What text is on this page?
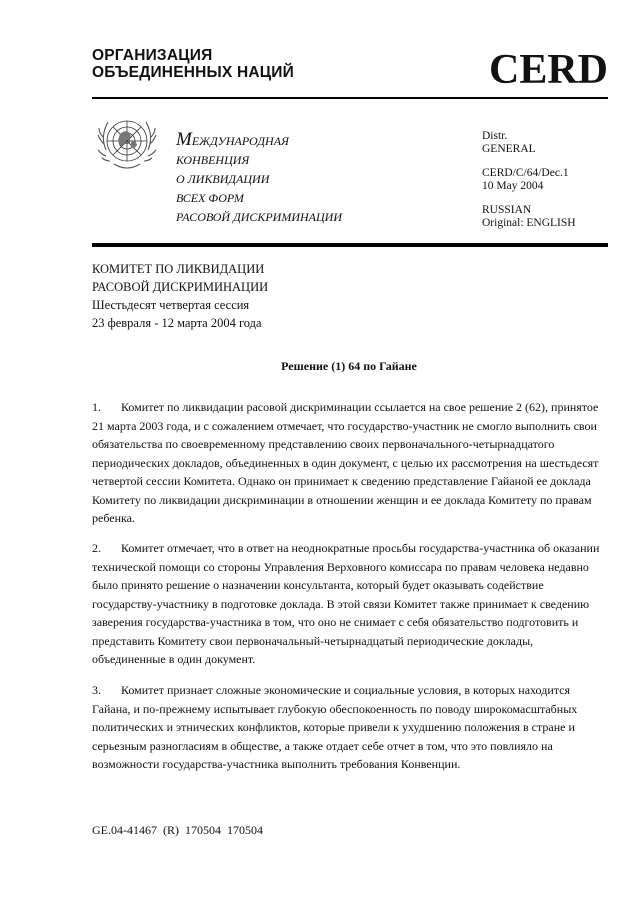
ОРГАНИЗАЦИЯ
ОБЪЕДИНЕННЫХ НАЦИЙ	CERD
МЕЖДУНАРОДНАЯ
КОНВЕНЦИЯ
О ЛИКВИДАЦИИ
ВСЕХ ФОРМ
РАСОВОЙ ДИСКРИМИНАЦИИ
Distr.
GENERAL
CERD/C/64/Dec.1
10 May 2004
RUSSIAN
Original: ENGLISH
КОМИТЕТ ПО ЛИКВИДАЦИИ
РАСОВОЙ ДИСКРИМИНАЦИИ
Шестьдесят четвертая сессия
23 февраля - 12 марта 2004 года
Решение (1) 64 по Гайане
1. Комитет по ликвидации расовой дискриминации ссылается на свое решение 2 (62), принятое 21 марта 2003 года, и с сожалением отмечает, что государство-участник не смогло выполнить свои обязательства по своевременному представлению своих первоначального-четырнадцатого периодических докладов, объединенных в один документ, с целью их рассмотрения на шестьдесят четвертой сессии Комитета. Однако он принимает к сведению представление Гайаной ее доклада Комитету по ликвидации дискриминации в отношении женщин и ее доклада Комитету по правам ребенка.
2. Комитет отмечает, что в ответ на неоднократные просьбы государства-участника об оказании технической помощи со стороны Управления Верховного комиссара по правам человека недавно было принято решение о назначении консультанта, который будет оказывать содействие государству-участнику в подготовке доклада. В этой связи Комитет также принимает к сведению заверения государства-участника в том, что оно не снимает с себя обязательство подготовить и представить Комитету свои первоначальный-четырнадцатый периодические доклады, объединенные в один документ.
3. Комитет признает сложные экономические и социальные условия, в которых находится Гайана, и по-прежнему испытывает глубокую обеспокоенность по поводу широкомасштабных политических и этнических конфликтов, которые привели к ухудшению положения в стране и серьезным разногласиям в обществе, а также отдает себе отчет в том, что это повлияло на возможности государства-участника выполнить требования Конвенции.
GE.04-41467 (R) 170504 170504
